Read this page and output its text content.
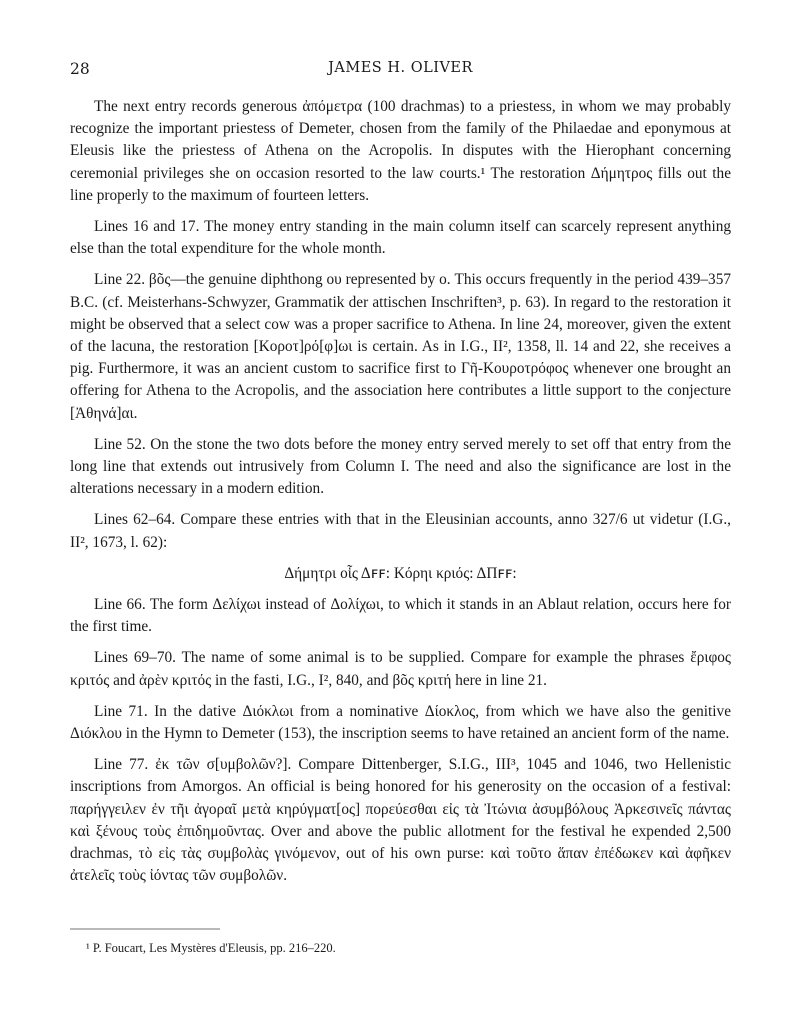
28	JAMES H. OLIVER

The next entry records generous ἀπόμετρα (100 drachmas) to a priestess, in whom we may probably recognize the important priestess of Demeter, chosen from the family of the Philaedae and eponymous at Eleusis like the priestess of Athena on the Acropolis. In disputes with the Hierophant concerning ceremonial privileges she on occasion resorted to the law courts.¹ The restoration Δήμητρος fills out the line properly to the maximum of fourteen letters.

Lines 16 and 17. The money entry standing in the main column itself can scarcely represent anything else than the total expenditure for the whole month.

Line 22. βõς—the genuine diphthong ου represented by ο. This occurs frequently in the period 439–357 B.C. (cf. Meisterhans-Schwyzer, Grammatik der attischen Inschriften³, p. 63). In regard to the restoration it might be observed that a select cow was a proper sacrifice to Athena. In line 24, moreover, given the extent of the lacuna, the restoration [Κοροτ]ρό[φ]ωι is certain. As in I.G., II², 1358, ll. 14 and 22, she receives a pig. Furthermore, it was an ancient custom to sacrifice first to Γῆ-Κουροτρόφος whenever one brought an offering for Athena to the Acropolis, and the association here contributes a little support to the conjecture [Ἀθηνά]αι.

Line 52. On the stone the two dots before the money entry served merely to set off that entry from the long line that extends out intrusively from Column I. The need and also the significance are lost in the alterations necessary in a modern edition.

Lines 62–64. Compare these entries with that in the Eleusinian accounts, anno 327/6 ut videtur (I.G., II², 1673, l. 62):

Δήμητρι οἷς Δꜰꜰ: Κόρηι κριός: ΔΠꜰꜰ:

Line 66. The form Δελίχωι instead of Δολίχωι, to which it stands in an Ablaut relation, occurs here for the first time.

Lines 69–70. The name of some animal is to be supplied. Compare for example the phrases ἔριφος κριτός and ἀρὲν κριτός in the fasti, I.G., I², 840, and βõς κριτή here in line 21.

Line 71. In the dative Διόκλωι from a nominative Δίοκλος, from which we have also the genitive Διόκλου in the Hymn to Demeter (153), the inscription seems to have retained an ancient form of the name.

Line 77. ἐκ τῶν σ[υμβολῶν?]. Compare Dittenberger, S.I.G., III³, 1045 and 1046, two Hellenistic inscriptions from Amorgos. An official is being honored for his generosity on the occasion of a festival: παρήγγειλεν ἐν τῆι ἀγοραῖ μετὰ κηρύγματ[ος] πορεύεσθαι εἰς τὰ Ἰτώνια ἀσυμβόλους Ἀρκεσινεῖς πάντας καὶ ξένους τοὺς ἐπιδημοῦντας. Over and above the public allotment for the festival he expended 2,500 drachmas, τὸ εἰς τὰς συμβολὰς γινόμενον, out of his own purse: καὶ τοῦτο ἅπαν ἐπέδωκεν καὶ ἀφῆκεν ἀτελεῖς τοὺς ἰόντας τῶν συμβολῶν.

¹ P. Foucart, Les Mystères d'Eleusis, pp. 216–220.
